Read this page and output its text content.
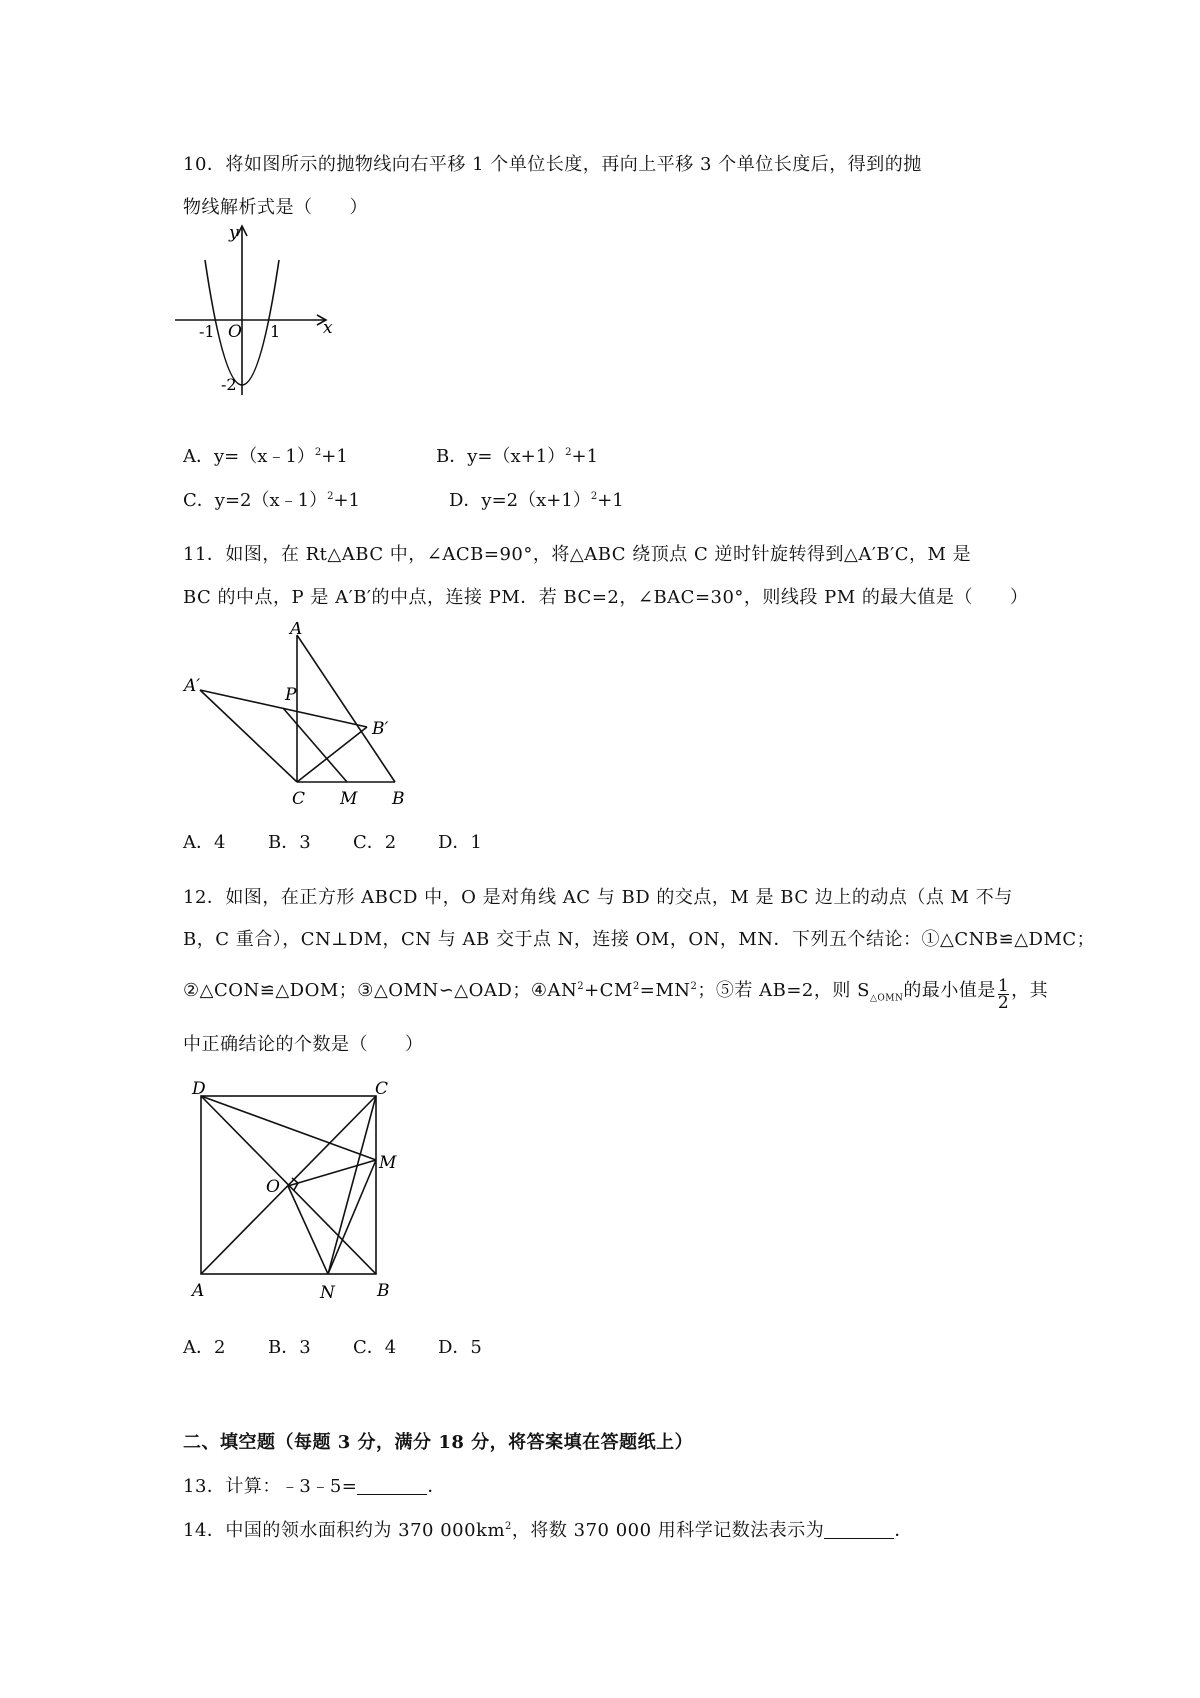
10．将如图所示的抛物线向右平移 1 个单位长度，再向上平移 3 个单位长度后，得到的抛
物线解析式是（　　）
y
x
O
-1	1
-2
A．y=（x﹣1）$^2$+1	B．$y=(x+1)^2+1$
C．y=2（x﹣1）$^2$+1	D．$y=2(x+1)^2+1$
11．如图，在 Rt△ABC 中，∠ACB=90°，将△ABC 绕顶点 C 逆时针旋转得到△A′B′C，M 是
BC 的中点，P 是 A′B′的中点，连接 PM．若 BC=2，∠BAC=30°，则线段 PM 的最大值是（　　）
A
A′	P
B′
C M B
A．4 B．3 C．2 D．1
12．如图，在正方形 ABCD 中，O 是对角线 AC 与 BD 的交点，M 是 BC 边上的动点（点 M 不与
B，C 重合），CN⊥DM，CN 与 AB 交于点 N，连接 OM，ON，MN．下列五个结论：①△CNB≌△DMC；
②△CON≌△DOM；③△OMN∽△OAD；$④AN^2+CM^2=MN^2$；⑤若 AB=2，则 $S_{\triangle OMN}$的最小值是 $\frac{1}{2}$ ，其
中正确结论的个数是（　　）
D	C
M
O
A	N B
A．2 B．3 C．4 D．5
二、填空题（每题 3 分，满分 18 分，将答案填在答题纸上）
13．计算：﹣3﹣5=	．
14．中国的领水面积约为 370 $000km^2$，将数 370 000 用科学记数法表示为	．
